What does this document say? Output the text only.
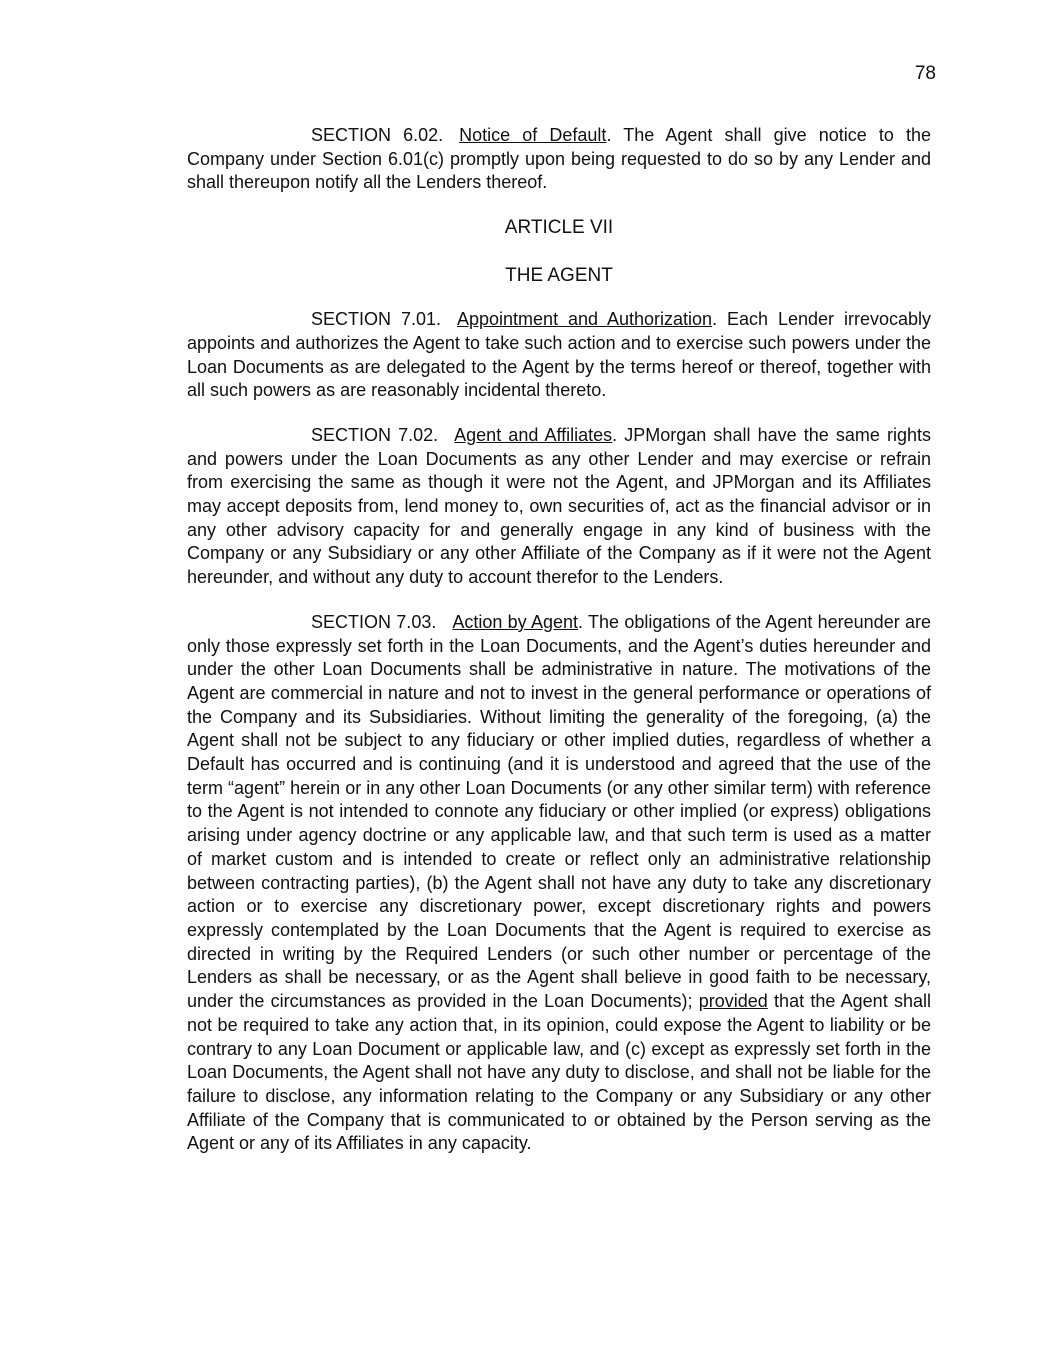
78

SECTION 6.02. Notice of Default. The Agent shall give notice to the Company under Section 6.01(c) promptly upon being requested to do so by any Lender and shall thereupon notify all the Lenders thereof.

ARTICLE VII

THE AGENT

SECTION 7.01. Appointment and Authorization. Each Lender irrevocably appoints and authorizes the Agent to take such action and to exercise such powers under the Loan Documents as are delegated to the Agent by the terms hereof or thereof, together with all such powers as are reasonably incidental thereto.

SECTION 7.02. Agent and Affiliates. JPMorgan shall have the same rights and powers under the Loan Documents as any other Lender and may exercise or refrain from exercising the same as though it were not the Agent, and JPMorgan and its Affiliates may accept deposits from, lend money to, own securities of, act as the financial advisor or in any other advisory capacity for and generally engage in any kind of business with the Company or any Subsidiary or any other Affiliate of the Company as if it were not the Agent hereunder, and without any duty to account therefor to the Lenders.

SECTION 7.03. Action by Agent. The obligations of the Agent hereunder are only those expressly set forth in the Loan Documents, and the Agent’s duties hereunder and under the other Loan Documents shall be administrative in nature. The motivations of the Agent are commercial in nature and not to invest in the general performance or operations of the Company and its Subsidiaries. Without limiting the generality of the foregoing, (a) the Agent shall not be subject to any fiduciary or other implied duties, regardless of whether a Default has occurred and is continuing (and it is understood and agreed that the use of the term “agent” herein or in any other Loan Documents (or any other similar term) with reference to the Agent is not intended to connote any fiduciary or other implied (or express) obligations arising under agency doctrine or any applicable law, and that such term is used as a matter of market custom and is intended to create or reflect only an administrative relationship between contracting parties), (b) the Agent shall not have any duty to take any discretionary action or to exercise any discretionary power, except discretionary rights and powers expressly contemplated by the Loan Documents that the Agent is required to exercise as directed in writing by the Required Lenders (or such other number or percentage of the Lenders as shall be necessary, or as the Agent shall believe in good faith to be necessary, under the circumstances as provided in the Loan Documents); provided that the Agent shall not be required to take any action that, in its opinion, could expose the Agent to liability or be contrary to any Loan Document or applicable law, and (c) except as expressly set forth in the Loan Documents, the Agent shall not have any duty to disclose, and shall not be liable for the failure to disclose, any information relating to the Company or any Subsidiary or any other Affiliate of the Company that is communicated to or obtained by the Person serving as the Agent or any of its Affiliates in any capacity.
